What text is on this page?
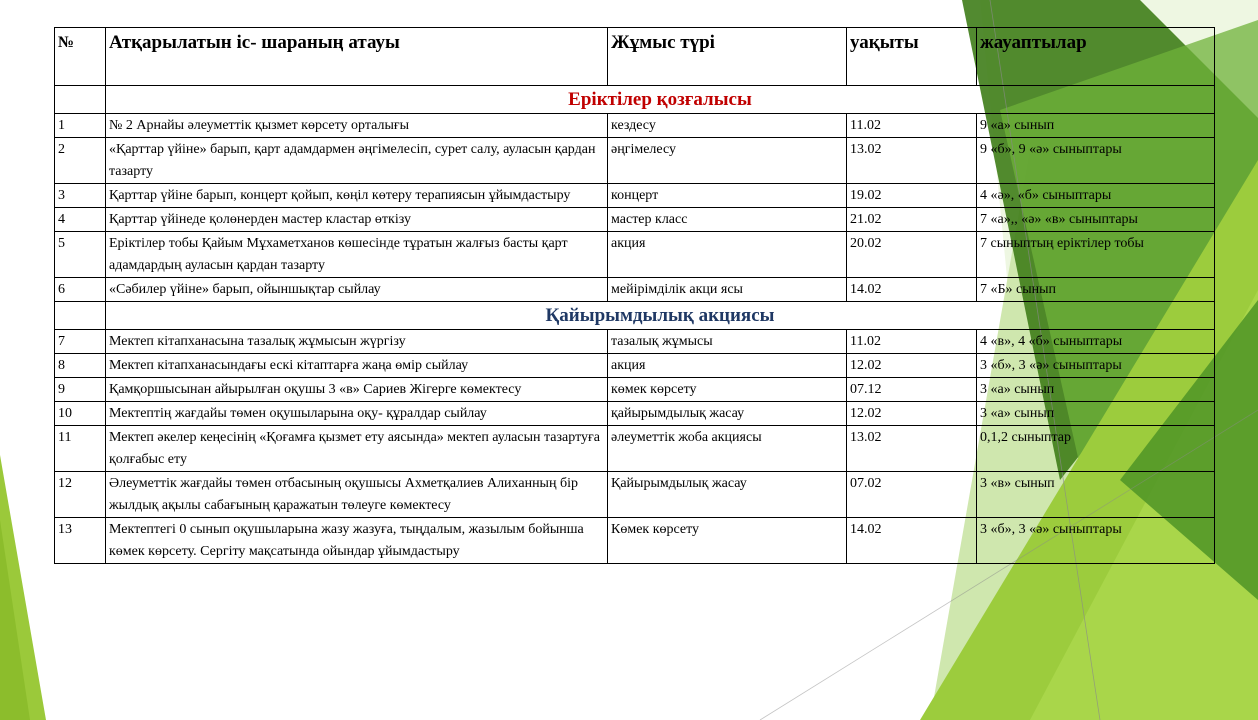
№	Атқарылатын іс- шараның атауы	Жұмыс түрі	уақыты	жауаптылар
	Еріктілер қозғалысы			
1	№ 2 Арнайы әлеуметтік қызмет көрсету орталығы	кездесу	11.02	9 «а» сынып
2	«Қарттар үйіне» барып, қарт адамдармен әңгімелесіп, сурет салу, ауласын қардан тазарту	әңгімелесу	13.02	9 «б», 9 «ә» сыныптары
3	Қарттар үйіне барып, концерт қойып, көңіл көтеру терапиясын ұйымдастыру	концерт	19.02	4 «ә», «б» сыныптары
4	Қарттар үйінеде қолөнерден мастер кластар өткізу	мастер класс	21.02	7 «а»,, «ә» «в» сыныптары
5	Еріктілер тобы Қайым Мұхаметханов көшесінде тұратын жалғыз басты қарт адамдардың ауласын қардан тазарту	акция	20.02	7 сыныптың еріктілер тобы
6	«Сәбилер үйіне» барып, ойыншықтар сыйлау	мейірімділік акци ясы	14.02	7 «Б» сынып
	Қайырымдылық акциясы			
7	Мектеп кітапханасына тазалық жұмысын жүргізу	тазалық жұмысы	11.02	4 «в», 4 «б» сыныптары
8	Мектеп кітапханасындағы ескі кітаптарға жаңа өмір сыйлау	акция	12.02	3 «б», 3 «ә» сыныптары
9	Қамқоршысынан айырылған оқушы 3 «в» Сариев Жігерге көмектесу	көмек көрсету	07.12	3 «а» сынып
10	Мектептің жағдайы төмен оқушыларына оқу- құралдар сыйлау	қайырымдылық жасау	12.02	3 «а» сынып
11	Мектеп әкелер кеңесінің «Қоғамға қызмет ету аясында» мектеп ауласын тазартуға қолғабыс ету	әлеуметтік жоба акциясы	13.02	0,1,2 сыныптар
12	Әлеуметтік жағдайы төмен отбасының оқушысы Ахметқалиев Алиханның бір жылдық ақылы сабағының қаражатын төлеуге көмектесу	Қайырымдылық жасау	07.02	3 «в» сынып
13	Мектептегі 0 сынып оқушыларына жазу жазуға, тыңдалым, жазылым бойынша көмек көрсету. Сергіту мақсатында ойындар ұйымдастыру	Көмек көрсету	14.02	3 «б», 3 «ә» сыныптары
